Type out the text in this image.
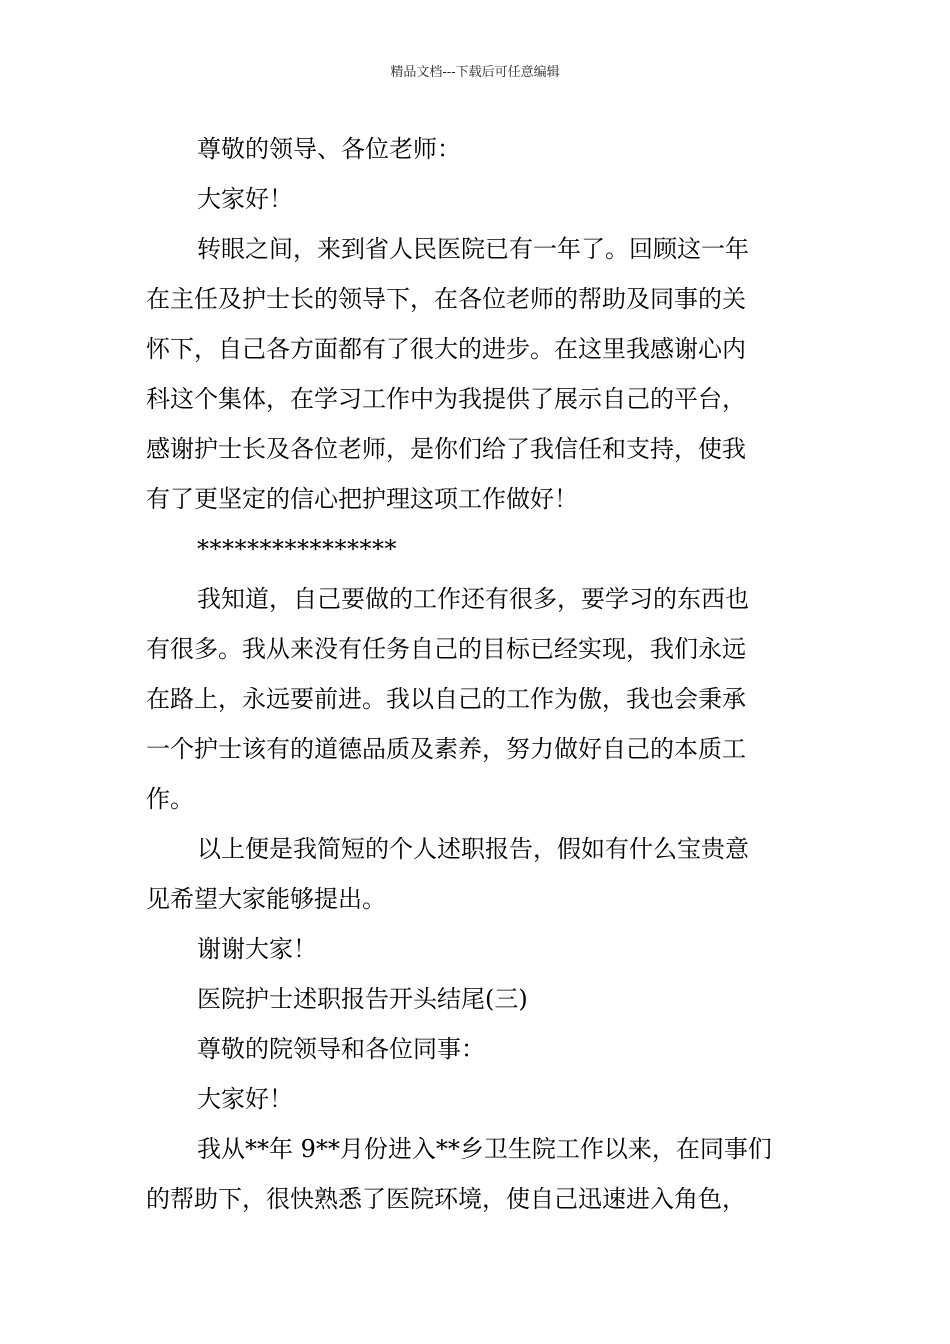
精品文档---下载后可任意编辑
尊敬的领导、各位老师：
大家好！
转眼之间，来到省人民医院已有一年了。回顾这一年
在主任及护士长的领导下，在各位老师的帮助及同事的关
怀下，自己各方面都有了很大的进步。在这里我感谢心内
科这个集体，在学习工作中为我提供了展示自己的平台，
感谢护士长及各位老师，是你们给了我信任和支持，使我
有了更坚定的信心把护理这项工作做好！
****************
我知道，自己要做的工作还有很多，要学习的东西也
有很多。我从来没有任务自己的目标已经实现，我们永远
在路上，永远要前进。我以自己的工作为傲，我也会秉承
一个护士该有的道德品质及素养，努力做好自己的本质工
作。
以上便是我简短的个人述职报告，假如有什么宝贵意
见希望大家能够提出。
谢谢大家！
医院护士述职报告开头结尾(三)
尊敬的院领导和各位同事：
大家好！
我从**年 9**月份进入**乡卫生院工作以来，在同事们
的帮助下，很快熟悉了医院环境，使自己迅速进入角色，
